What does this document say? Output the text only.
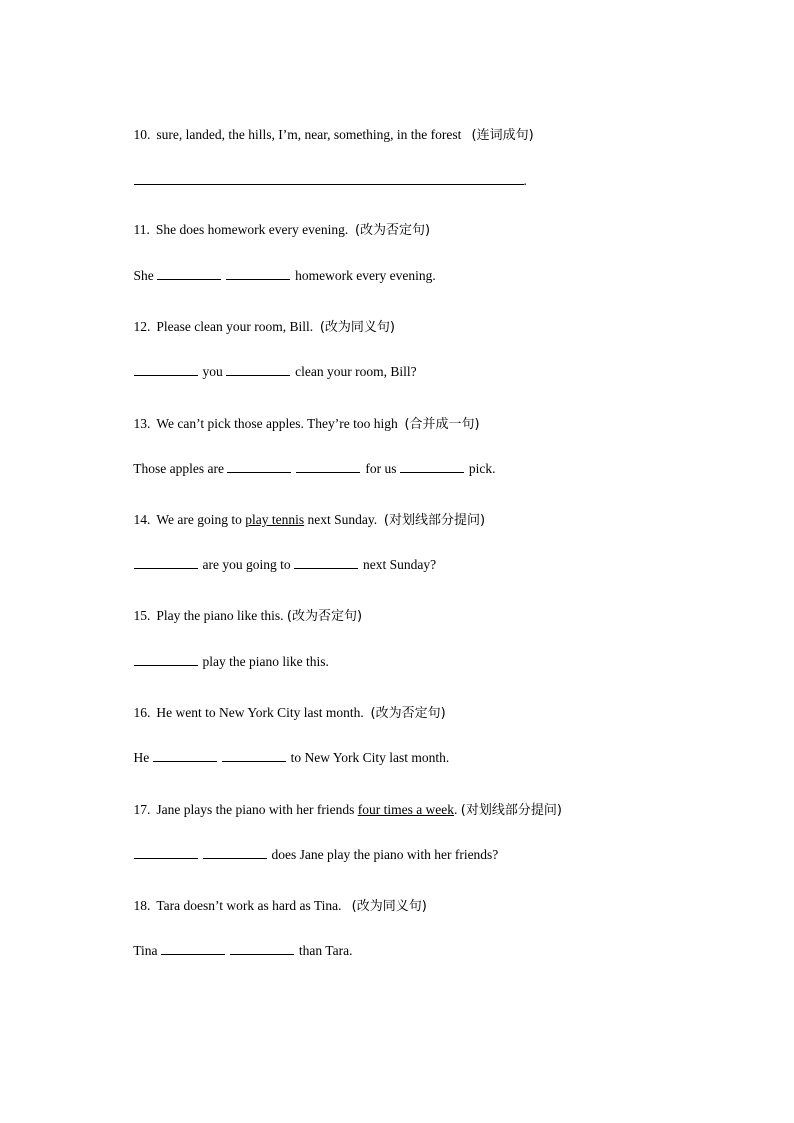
10. sure, landed, the hills, I’m, near, something, in the forest (连词成句)

.

11. She does homework every evening. (改为否定句)

She	homework every evening.

12. Please clean your room, Bill. (改为同义句)

you	clean your room, Bill?

13. We can’t pick those apples. They’re too high (合并成一句)

Those apples are	for us	pick.

14. We are going to play tennis next Sunday. (对划线部分提问)

are you going to	next Sunday?

15. Play the piano like this. (改为否定句)

play the piano like this.

16. He went to New York City last month. (改为否定句)

He	to New York City last month.

17. Jane plays the piano with her friends four times a week. (对划线部分提问)

does Jane play the piano with her friends?

18. Tara doesn’t work as hard as Tina. (改为同义句)

Tina	than Tara.
